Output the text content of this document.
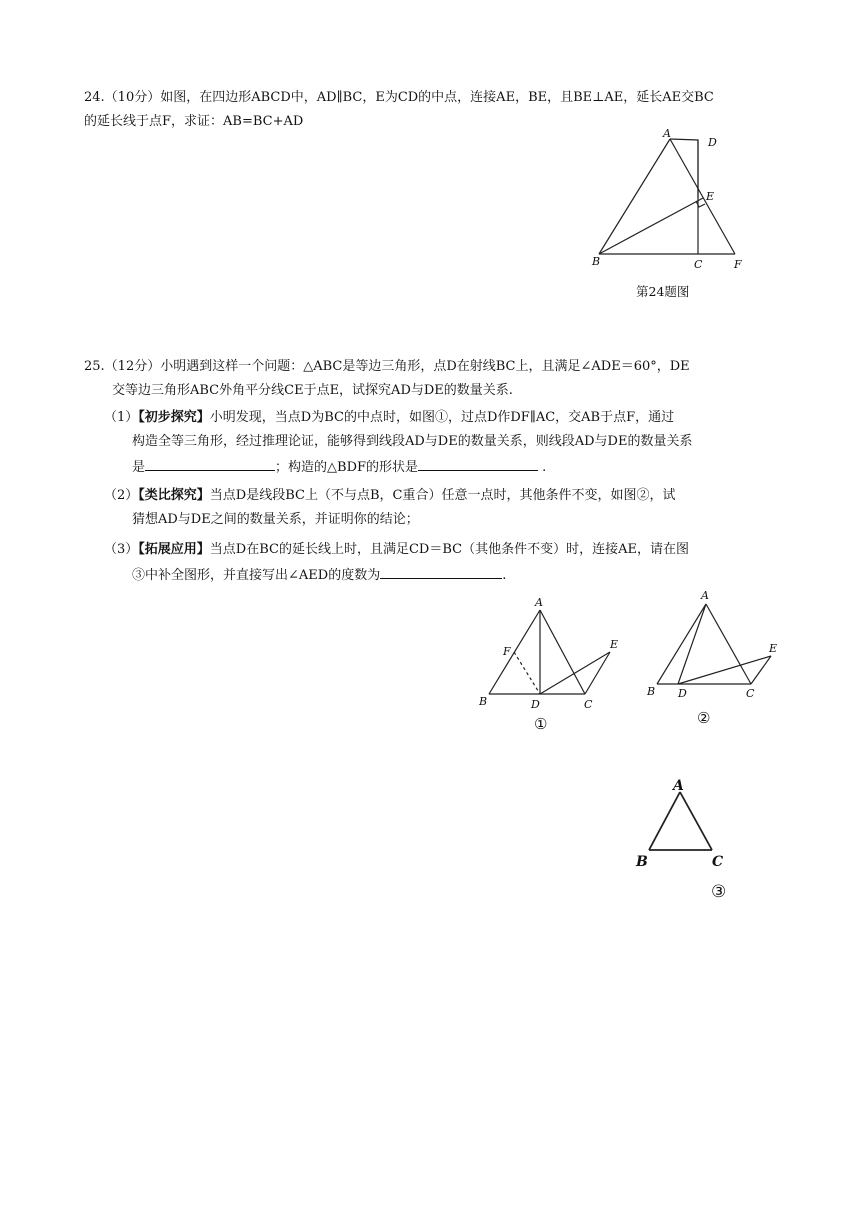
24.（10分）如图，在四边形ABCD中，AD∥BC，E为CD的中点，连接AE，BE，且BE⊥AE，延长AE交BC
的延长线于点F，求证：AB=BC+AD
A
D
E
B	C	F
第24题图
25.（12分）小明遇到这样一个问题：△ABC是等边三角形，点D在射线BC上，且满足∠ADE＝60°，DE
交等边三角形ABC外角平分线CE于点E，试探究AD与DE的数量关系.
（1）【初步探究】小明发现，当点D为BC的中点时，如图①，过点D作DF∥AC，交AB于点F，通过
构造全等三角形，经过推理论证，能够得到线段AD与DE的数量关系，则线段AD与DE的数量关系
是	；构造的△BDF的形状是	.
（2）【类比探究】当点D是线段BC上（不与点B，C重合）任意一点时，其他条件不变，如图②，试
猜想AD与DE之间的数量关系，并证明你的结论；
（3）【拓展应用】当点D在BC的延长线上时，且满足CD＝BC（其他条件不变）时，连接AE，请在图
③中补全图形，并直接写出∠AED的度数为	.
A
F
E
B	D	C
①
A
E
B D	C
②
A
B	C
③
